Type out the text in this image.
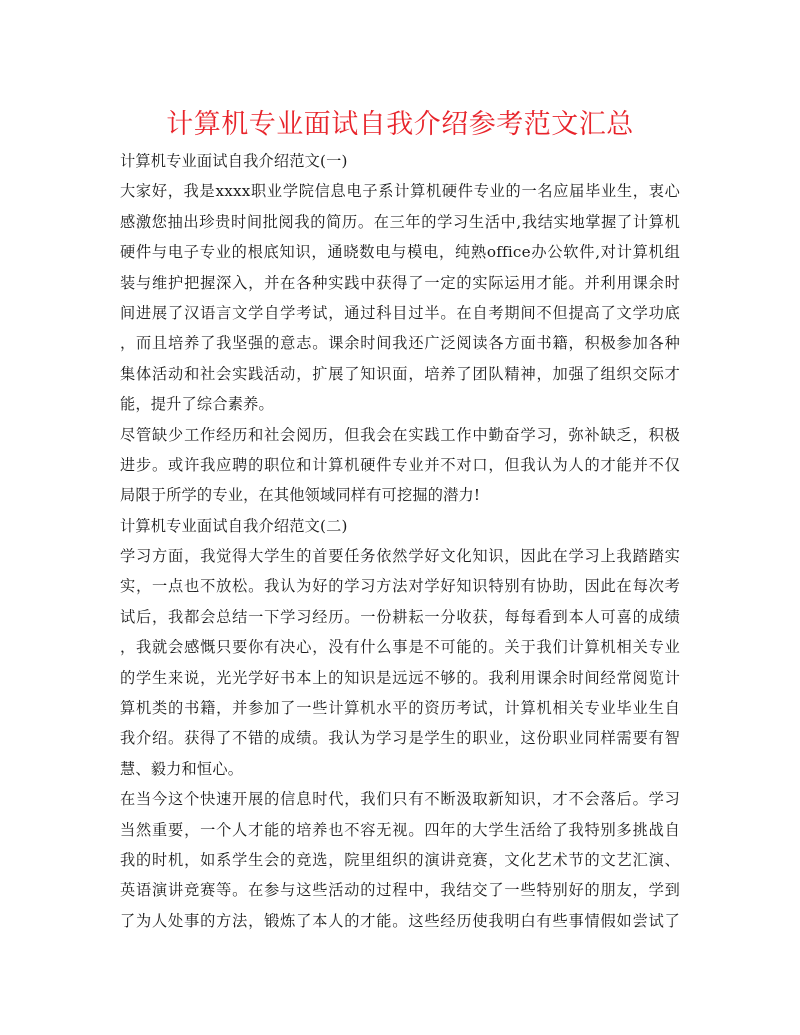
计算机专业面试自我介绍参考范文汇总
计算机专业面试自我介绍范文(一)
大家好，我是xxxx职业学院信息电子系计算机硬件专业的一名应届毕业生，衷心
感激您抽出珍贵时间批阅我的简历。在三年的学习生活中,我结实地掌握了计算机
硬件与电子专业的根底知识，通晓数电与模电，纯熟office办公软件,对计算机组
装与维护把握深入，并在各种实践中获得了一定的实际运用才能。并利用课余时
间进展了汉语言文学自学考试，通过科目过半。在自考期间不但提高了文学功底
，而且培养了我坚强的意志。课余时间我还广泛阅读各方面书籍，积极参加各种
集体活动和社会实践活动，扩展了知识面，培养了团队精神，加强了组织交际才
能，提升了综合素养。
尽管缺少工作经历和社会阅历，但我会在实践工作中勤奋学习，弥补缺乏，积极
进步。或许我应聘的职位和计算机硬件专业并不对口，但我认为人的才能并不仅
局限于所学的专业，在其他领域同样有可挖掘的潜力!
计算机专业面试自我介绍范文(二)
学习方面，我觉得大学生的首要任务依然学好文化知识，因此在学习上我踏踏实
实，一点也不放松。我认为好的学习方法对学好知识特别有协助，因此在每次考
试后，我都会总结一下学习经历。一份耕耘一分收获，每每看到本人可喜的成绩
，我就会感慨只要你有决心，没有什么事是不可能的。关于我们计算机相关专业
的学生来说，光光学好书本上的知识是远远不够的。我利用课余时间经常阅览计
算机类的书籍，并参加了一些计算机水平的资历考试，计算机相关专业毕业生自
我介绍。获得了不错的成绩。我认为学习是学生的职业，这份职业同样需要有智
慧、毅力和恒心。
在当今这个快速开展的信息时代，我们只有不断汲取新知识，才不会落后。学习
当然重要，一个人才能的培养也不容无视。四年的大学生活给了我特别多挑战自
我的时机，如系学生会的竞选，院里组织的演讲竞赛，文化艺术节的文艺汇演、
英语演讲竞赛等。在参与这些活动的过程中，我结交了一些特别好的朋友，学到
了为人处事的方法，锻炼了本人的才能。这些经历使我明白有些事情假如尝试了
